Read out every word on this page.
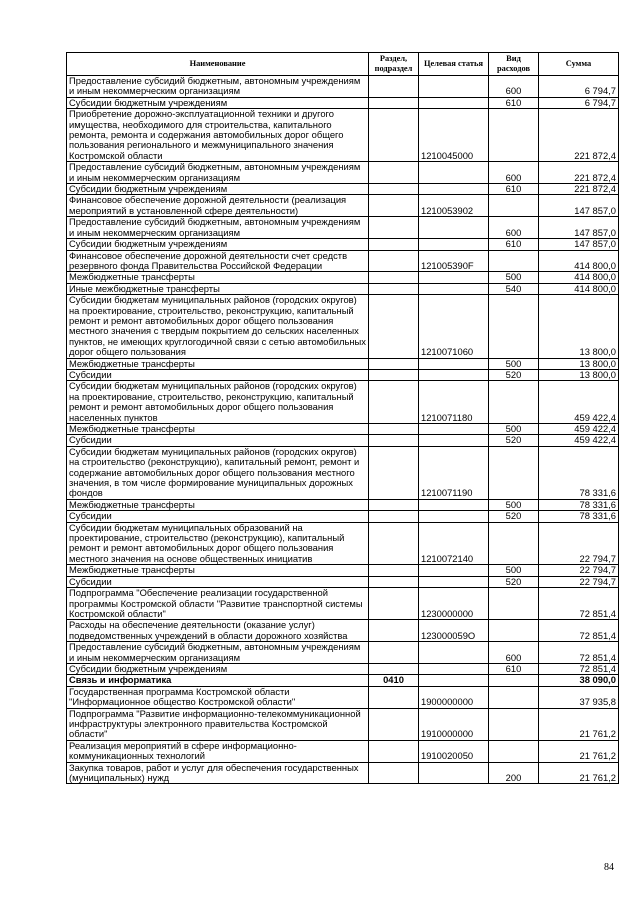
Наименование	Раздел, подраздел	Целевая статья	Вид расходов	Сумма
Предоставление субсидий бюджетным, автономным учреждениям и иным некоммерческим организациям			600	6 794,7
Субсидии бюджетным учреждениям			610	6 794,7
Приобретение дорожно-эксплуатационной техники и другого имущества, необходимого для строительства, капитального ремонта, ремонта и содержания автомобильных дорог общего пользования регионального и межмуниципального значения Костромской области		1210045000		221 872,4
Предоставление субсидий бюджетным, автономным учреждениям и иным некоммерческим организациям			600	221 872,4
Субсидии бюджетным учреждениям			610	221 872,4
Финансовое обеспечение дорожной деятельности (реализация мероприятий в установленной сфере деятельности)		1210053902		147 857,0
Предоставление субсидий бюджетным, автономным учреждениям и иным некоммерческим организациям			600	147 857,0
Субсидии бюджетным учреждениям			610	147 857,0
Финансовое обеспечение дорожной деятельности счет средств резервного фонда Правительства Российской Федерации		121005390F		414 800,0
Межбюджетные трансферты			500	414 800,0
Иные межбюджетные трансферты			540	414 800,0
Субсидии бюджетам муниципальных районов (городских округов) на проектирование, строительство, реконструкцию, капитальный ремонт и ремонт автомобильных дорог общего пользования местного значения с твердым покрытием до сельских населенных пунктов, не имеющих круглогодичной связи с сетью автомобильных дорог общего пользования		1210071060		13 800,0
Межбюджетные трансферты			500	13 800,0
Субсидии			520	13 800,0
Субсидии бюджетам муниципальных районов (городских округов) на проектирование, строительство, реконструкцию, капитальный ремонт и ремонт автомобильных дорог общего пользования населенных пунктов		1210071180		459 422,4
Межбюджетные трансферты			500	459 422,4
Субсидии			520	459 422,4
Субсидии бюджетам муниципальных районов (городских округов) на строительство (реконструкцию), капитальный ремонт, ремонт и содержание автомобильных дорог общего пользования местного значения, в том числе формирование муниципальных дорожных фондов		1210071190		78 331,6
Межбюджетные трансферты			500	78 331,6
Субсидии			520	78 331,6
Субсидии бюджетам муниципальных образований на проектирование, строительство (реконструкцию), капитальный ремонт и ремонт автомобильных дорог общего пользования местного значения на основе общественных инициатив		1210072140		22 794,7
Межбюджетные трансферты			500	22 794,7
Субсидии			520	22 794,7
Подпрограмма "Обеспечение реализации государственной программы Костромской области "Развитие транспортной системы Костромской области"		1230000000		72 851,4
Расходы на обеспечение деятельности (оказание услуг) подведомственных учреждений в области дорожного хозяйства		123000059О		72 851,4
Предоставление субсидий бюджетным, автономным учреждениям и иным некоммерческим организациям			600	72 851,4
Субсидии бюджетным учреждениям			610	72 851,4
Связь и информатика	0410			38 090,0
Государственная программа Костромской области "Информационное общество Костромской области"		1900000000		37 935,8
Подпрограмма "Развитие информационно-телекоммуникационной инфраструктуры электронного правительства Костромской области"		1910000000		21 761,2
Реализация мероприятий в сфере информационно-коммуникационных технологий		1910020050		21 761,2
Закупка товаров, работ и услуг для обеспечения государственных (муниципальных) нужд			200	21 761,2
84
